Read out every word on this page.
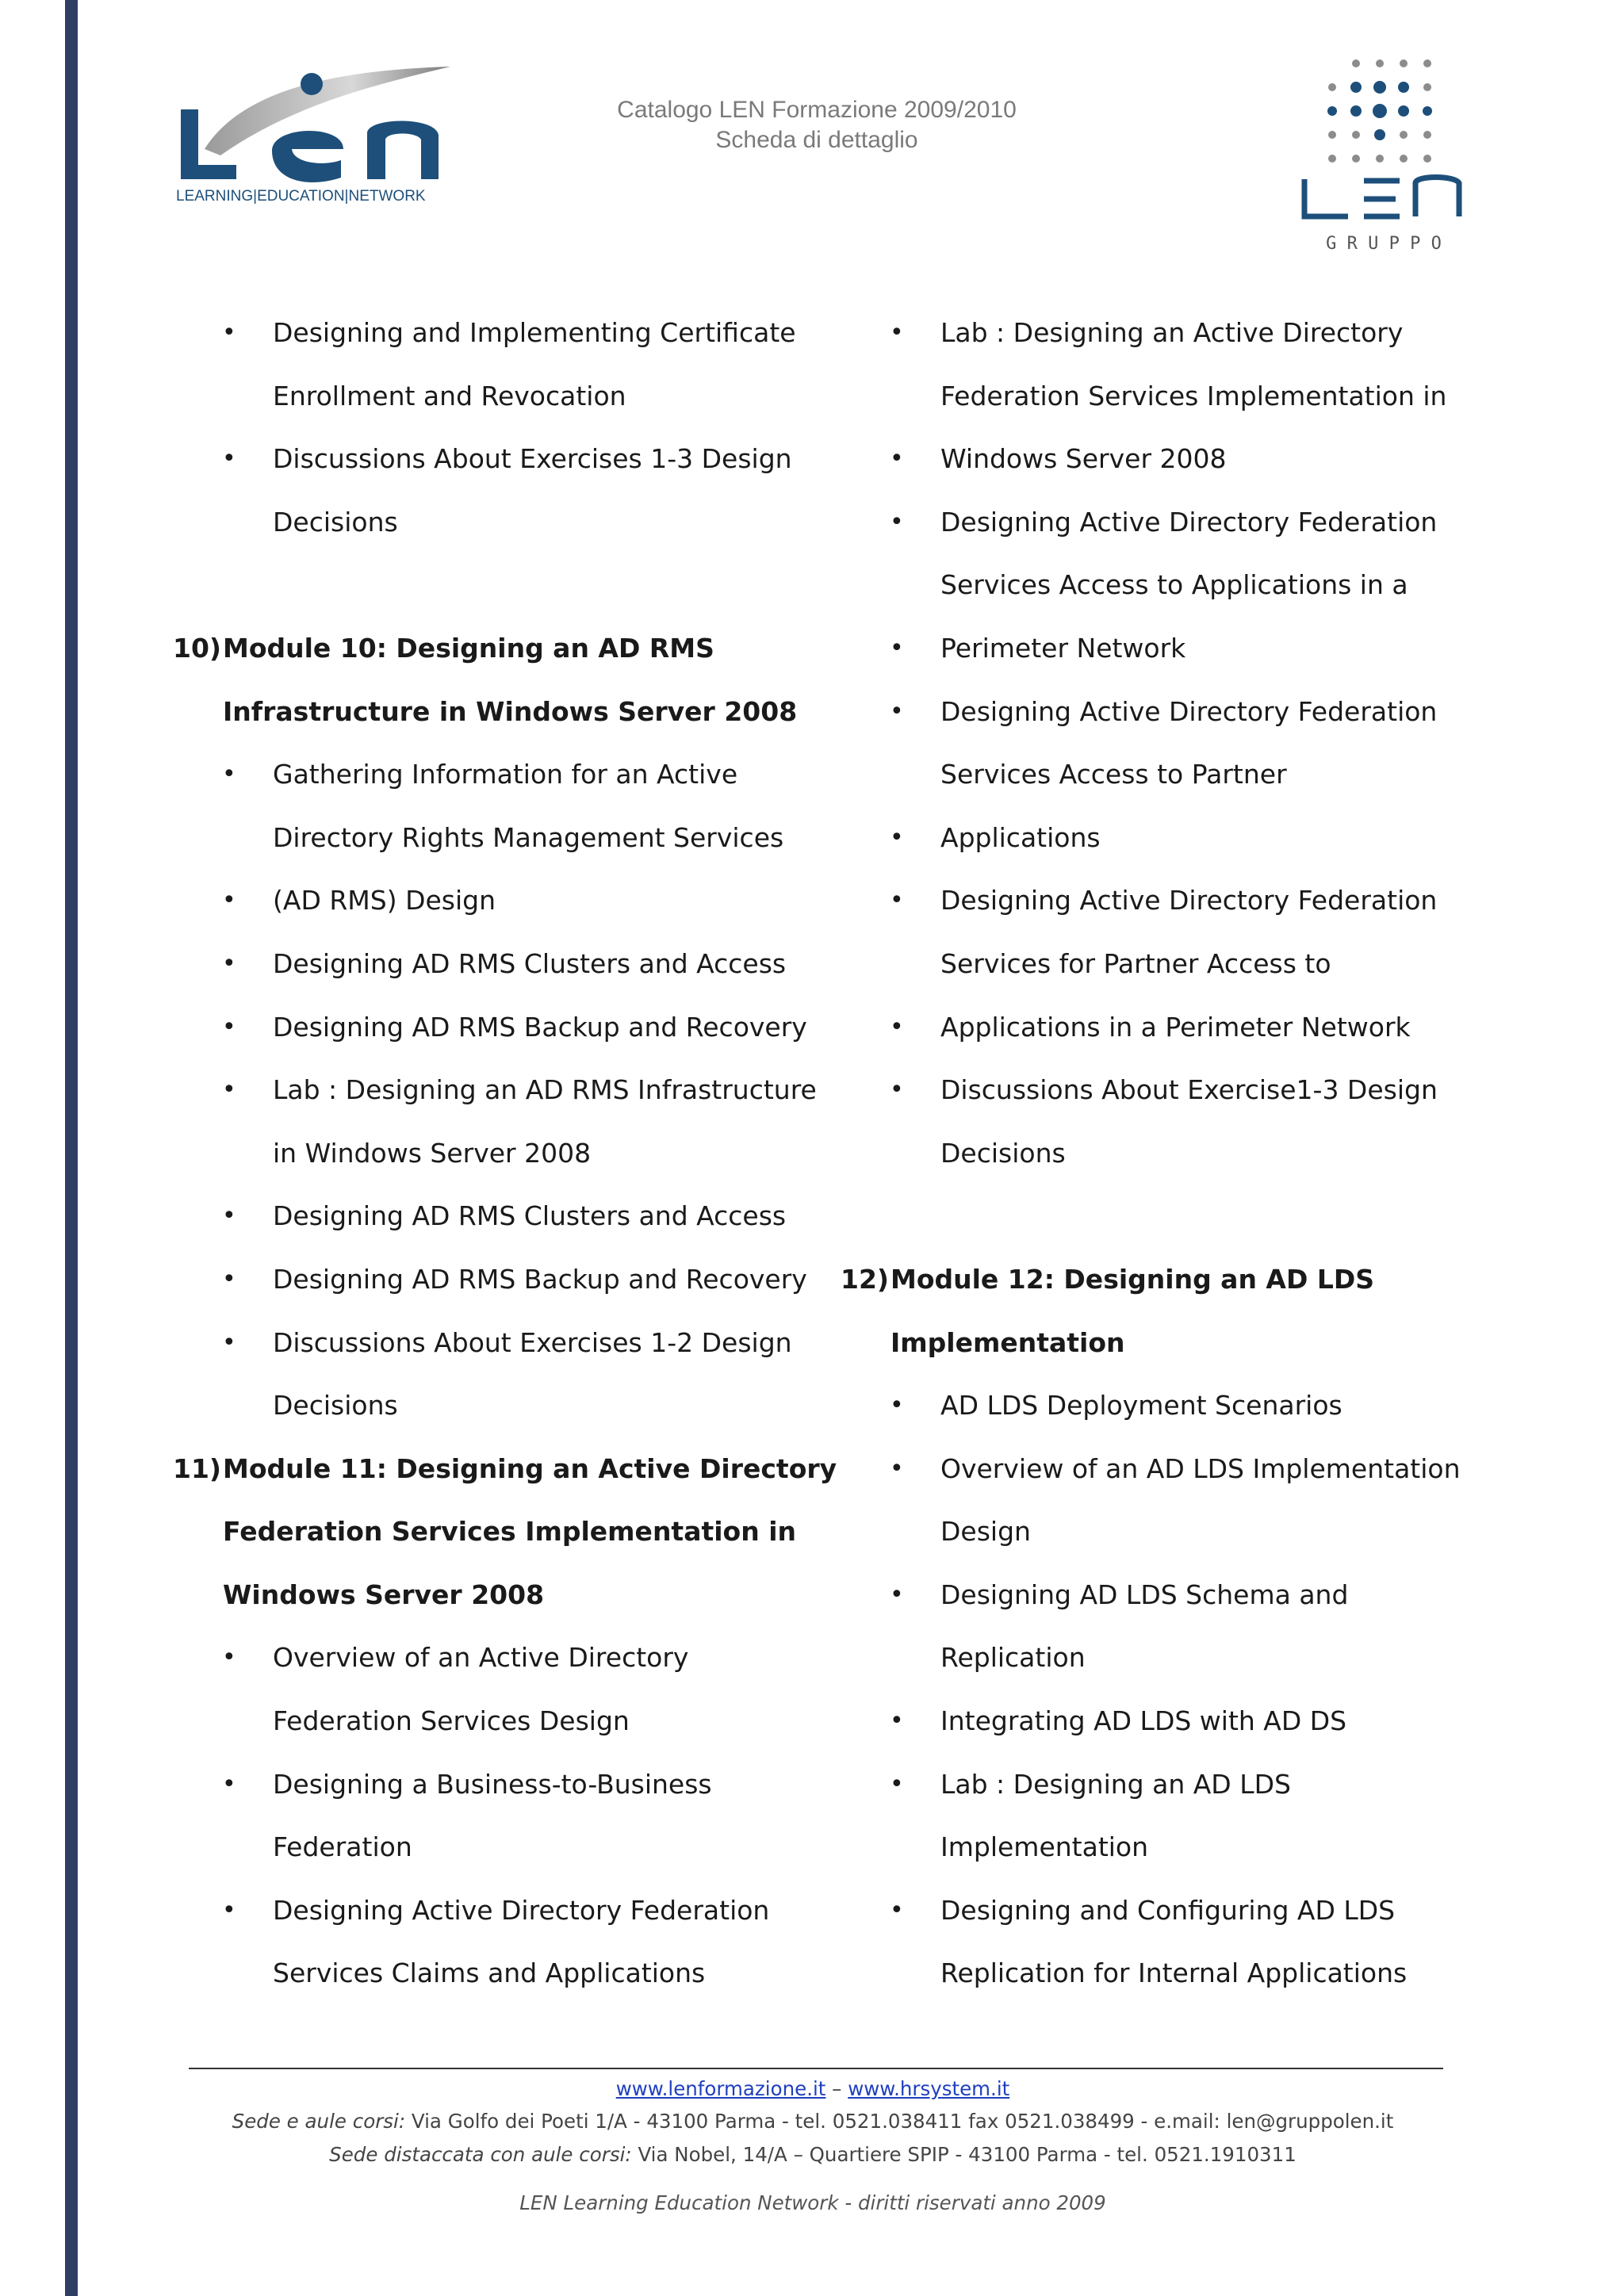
LEARNING|EDUCATION|NETWORK
Catalogo LEN Formazione 2009/2010
Scheda di dettaglio
G R U P P O
• Designing and Implementing Certificate
Enrollment and Revocation
• Discussions About Exercises 1-3 Design
Decisions
10) Module 10: Designing an AD RMS
Infrastructure in Windows Server 2008
• Gathering Information for an Active
Directory Rights Management Services
• (AD RMS) Design
• Designing AD RMS Clusters and Access
• Designing AD RMS Backup and Recovery
• Lab : Designing an AD RMS Infrastructure
in Windows Server 2008
• Designing AD RMS Clusters and Access
• Designing AD RMS Backup and Recovery
• Discussions About Exercises 1-2 Design
Decisions
11) Module 11: Designing an Active Directory
Federation Services Implementation in
Windows Server 2008
• Overview of an Active Directory
Federation Services Design
• Designing a Business-to-Business
Federation
• Designing Active Directory Federation
Services Claims and Applications
• Lab : Designing an Active Directory
Federation Services Implementation in
• Windows Server 2008
• Designing Active Directory Federation
Services Access to Applications in a
• Perimeter Network
• Designing Active Directory Federation
Services Access to Partner
• Applications
• Designing Active Directory Federation
Services for Partner Access to
• Applications in a Perimeter Network
• Discussions About Exercise1-3 Design
Decisions
12) Module 12: Designing an AD LDS
Implementation
• AD LDS Deployment Scenarios
• Overview of an AD LDS Implementation
Design
• Designing AD LDS Schema and
Replication
• Integrating AD LDS with AD DS
• Lab : Designing an AD LDS
Implementation
• Designing and Configuring AD LDS
Replication for Internal Applications
www.lenformazione.it – www.hrsystem.it
Sede e aule corsi: Via Golfo dei Poeti 1/A - 43100 Parma - tel. 0521.038411 fax 0521.038499 - e.mail: len@gruppolen.it
Sede distaccata con aule corsi: Via Nobel, 14/A – Quartiere SPIP - 43100 Parma - tel. 0521.1910311
LEN Learning Education Network - diritti riservati anno 2009
